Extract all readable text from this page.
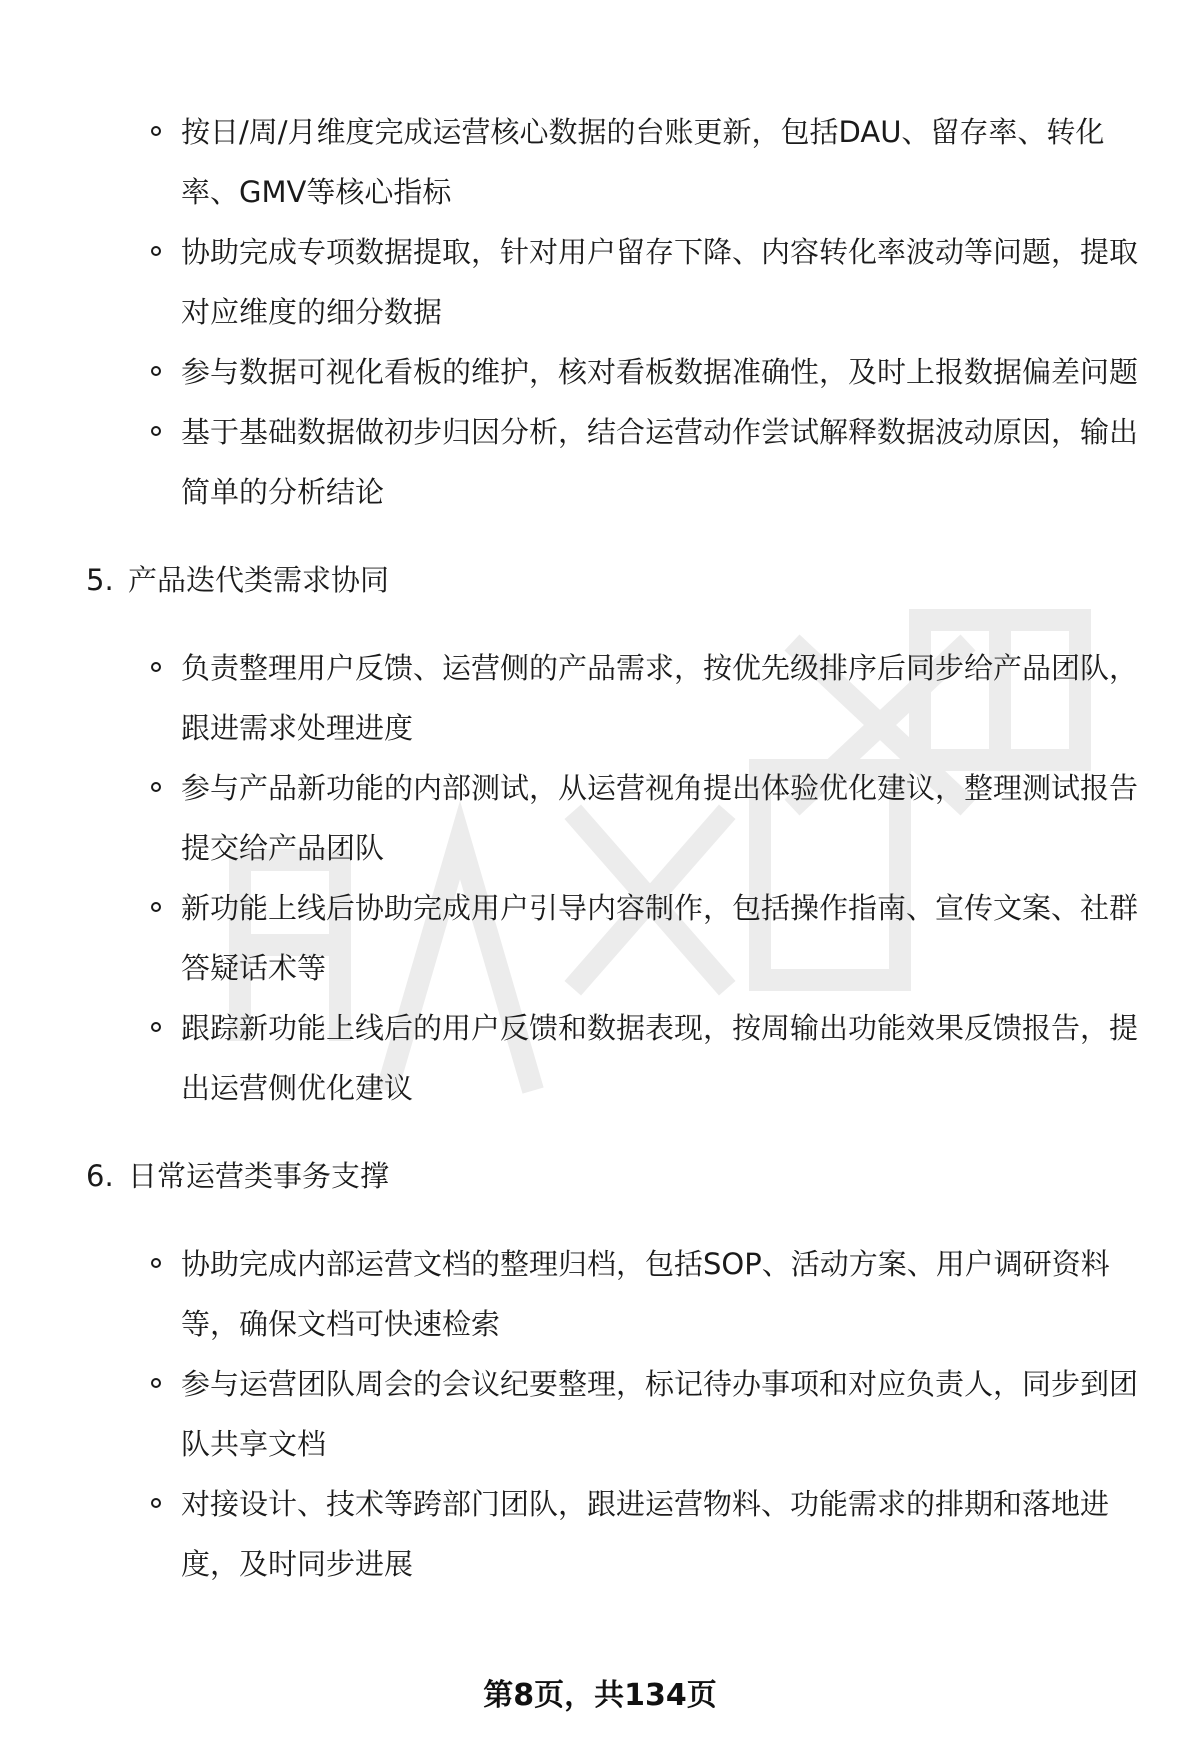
按日/周/月维度完成运营核心数据的台账更新，包括DAU、留存率、转化率、GMV等核心指标
协助完成专项数据提取，针对用户留存下降、内容转化率波动等问题，提取对应维度的细分数据
参与数据可视化看板的维护，核对看板数据准确性，及时上报数据偏差问题
基于基础数据做初步归因分析，结合运营动作尝试解释数据波动原因，输出简单的分析结论
5. 产品迭代类需求协同
负责整理用户反馈、运营侧的产品需求，按优先级排序后同步给产品团队，跟进需求处理进度
参与产品新功能的内部测试，从运营视角提出体验优化建议，整理测试报告提交给产品团队
新功能上线后协助完成用户引导内容制作，包括操作指南、宣传文案、社群答疑话术等
跟踪新功能上线后的用户反馈和数据表现，按周输出功能效果反馈报告，提出运营侧优化建议
6. 日常运营类事务支撑
协助完成内部运营文档的整理归档，包括SOP、活动方案、用户调研资料等，确保文档可快速检索
参与运营团队周会的会议纪要整理，标记待办事项和对应负责人，同步到团队共享文档
对接设计、技术等跨部门团队，跟进运营物料、功能需求的排期和落地进度，及时同步进展
第8页，共134页
